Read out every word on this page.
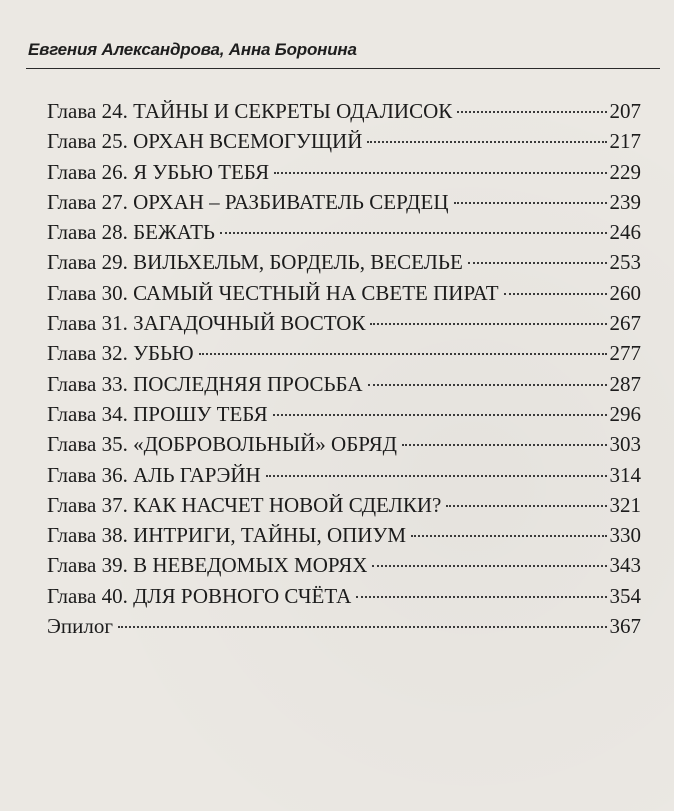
Евгения Александрова, Анна Боронина
Глава 24. ТАЙНЫ И СЕКРЕТЫ ОДАЛИСОК	207
Глава 25. ОРХАН ВСЕМОГУЩИЙ	217
Глава 26. Я УБЬЮ ТЕБЯ	229
Глава 27. ОРХАН – РАЗБИВАТЕЛЬ СЕРДЕЦ	239
Глава 28. БЕЖАТЬ	246
Глава 29. ВИЛЬХЕЛЬМ, БОРДЕЛЬ, ВЕСЕЛЬЕ	253
Глава 30. САМЫЙ ЧЕСТНЫЙ НА СВЕТЕ ПИРАТ	260
Глава 31. ЗАГАДОЧНЫЙ ВОСТОК	267
Глава 32. УБЬЮ	277
Глава 33. ПОСЛЕДНЯЯ ПРОСЬБА	287
Глава 34. ПРОШУ ТЕБЯ	296
Глава 35. «ДОБРОВОЛЬНЫЙ» ОБРЯД	303
Глава 36. АЛЬ ГАРЭЙН	314
Глава 37. КАК НАСЧЕТ НОВОЙ СДЕЛКИ?	321
Глава 38. ИНТРИГИ, ТАЙНЫ, ОПИУМ	330
Глава 39. В НЕВЕДОМЫХ МОРЯХ	343
Глава 40. ДЛЯ РОВНОГО СЧЁТА	354
Эпилог	367
